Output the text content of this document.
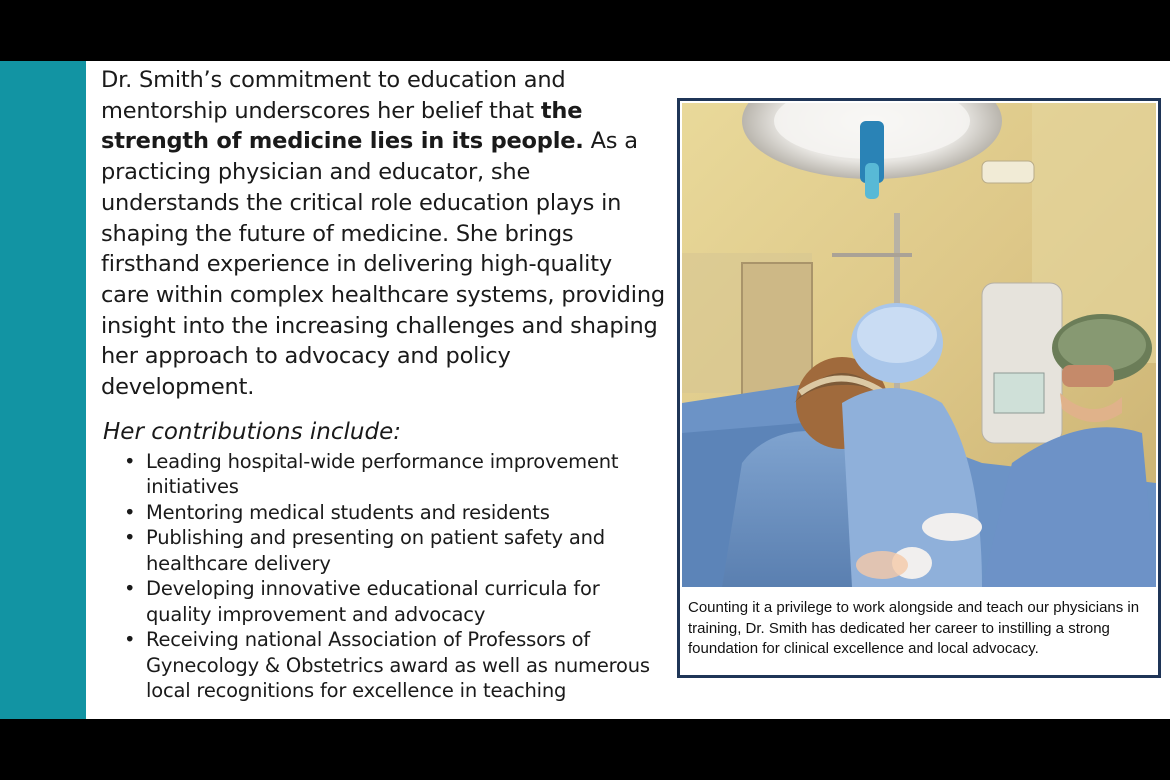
Dr. Smith’s commitment to education and mentorship underscores her belief that the strength of medicine lies in its people. As a practicing physician and educator, she understands the critical role education plays in shaping the future of medicine. She brings firsthand experience in delivering high-quality care within complex healthcare systems, providing insight into the increasing challenges and shaping her approach to advocacy and policy development.

Her contributions include:
• Leading hospital-wide performance improvement initiatives
• Mentoring medical students and residents
• Publishing and presenting on patient safety and healthcare delivery
• Developing innovative educational curricula for quality improvement and advocacy
• Receiving national Association of Professors of Gynecology & Obstetrics award as well as numerous local recognitions for excellence in teaching
Counting it a privilege to work alongside and teach our physicians in training, Dr. Smith has dedicated her career to instilling a strong foundation for clinical excellence and local advocacy.
